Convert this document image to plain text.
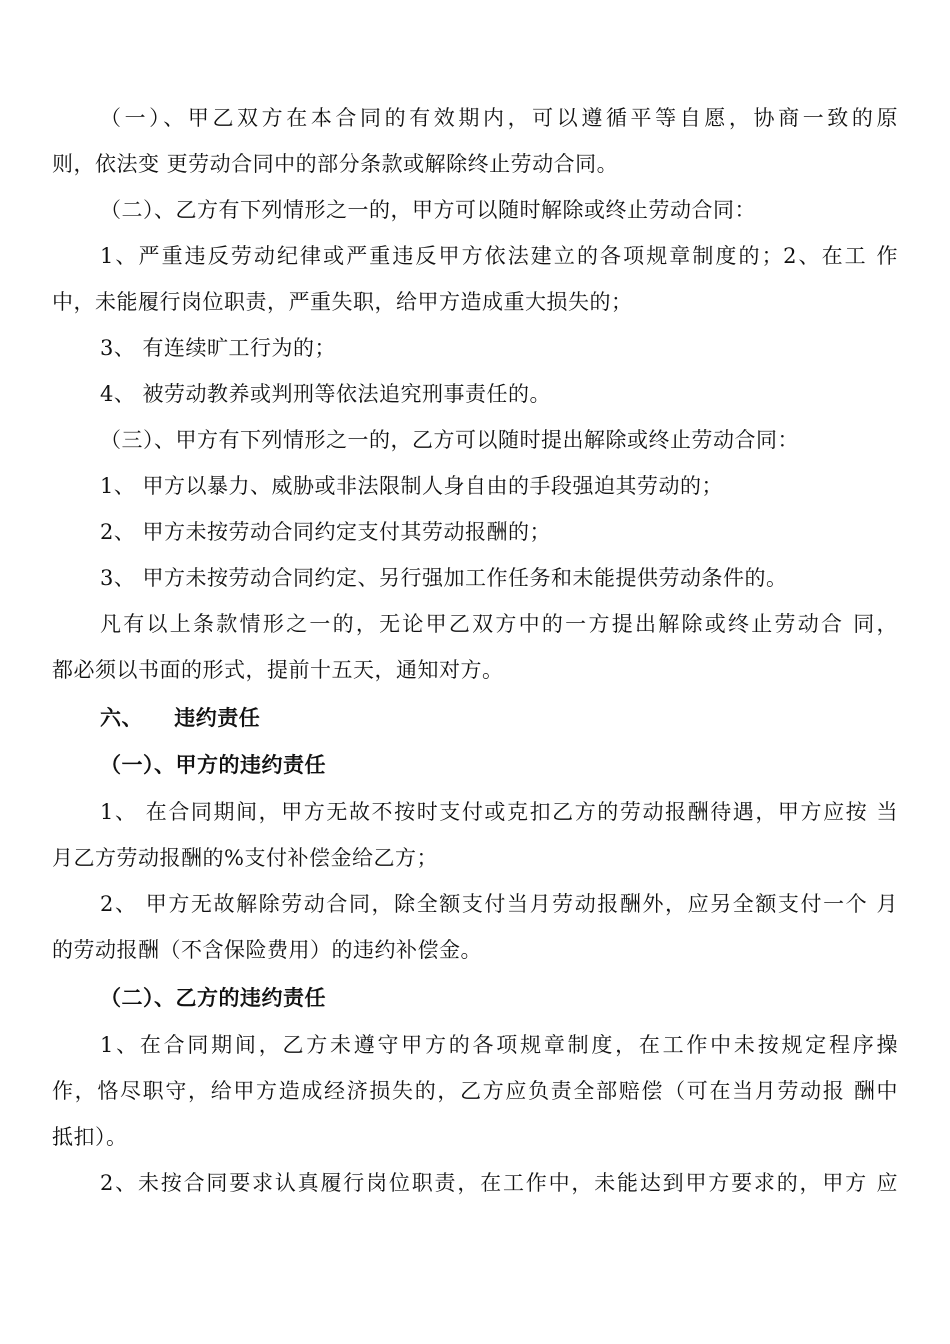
（一）、甲乙双方在本合同的有效期内，可以遵循平等自愿，协商一致的原
则，依法变 更劳动合同中的部分条款或解除终止劳动合同。
（二）、乙方有下列情形之一的，甲方可以随时解除或终止劳动合同：
1、严重违反劳动纪律或严重违反甲方依法建立的各项规章制度的；2、在工 作
中，未能履行岗位职责，严重失职，给甲方造成重大损失的；
3、 有连续旷工行为的；
4、 被劳动教养或判刑等依法追究刑事责任的。
（三）、甲方有下列情形之一的，乙方可以随时提出解除或终止劳动合同：
1、 甲方以暴力、威胁或非法限制人身自由的手段强迫其劳动的；
2、 甲方未按劳动合同约定支付其劳动报酬的；
3、 甲方未按劳动合同约定、另行强加工作任务和未能提供劳动条件的。
凡有以上条款情形之一的，无论甲乙双方中的一方提出解除或终止劳动合 同，
都必须以书面的形式，提前十五天，通知对方。
六、    违约责任
（一）、甲方的违约责任
1、 在合同期间，甲方无故不按时支付或克扣乙方的劳动报酬待遇，甲方应按 当
月乙方劳动报酬的%支付补偿金给乙方；
2、 甲方无故解除劳动合同，除全额支付当月劳动报酬外，应另全额支付一个 月
的劳动报酬（不含保险费用）的违约补偿金。
（二）、乙方的违约责任
1、在合同期间，乙方未遵守甲方的各项规章制度，在工作中未按规定程序操
作，恪尽职守，给甲方造成经济损失的，乙方应负责全部赔偿（可在当月劳动报 酬中
抵扣）。
2、未按合同要求认真履行岗位职责，在工作中，未能达到甲方要求的，甲方 应
